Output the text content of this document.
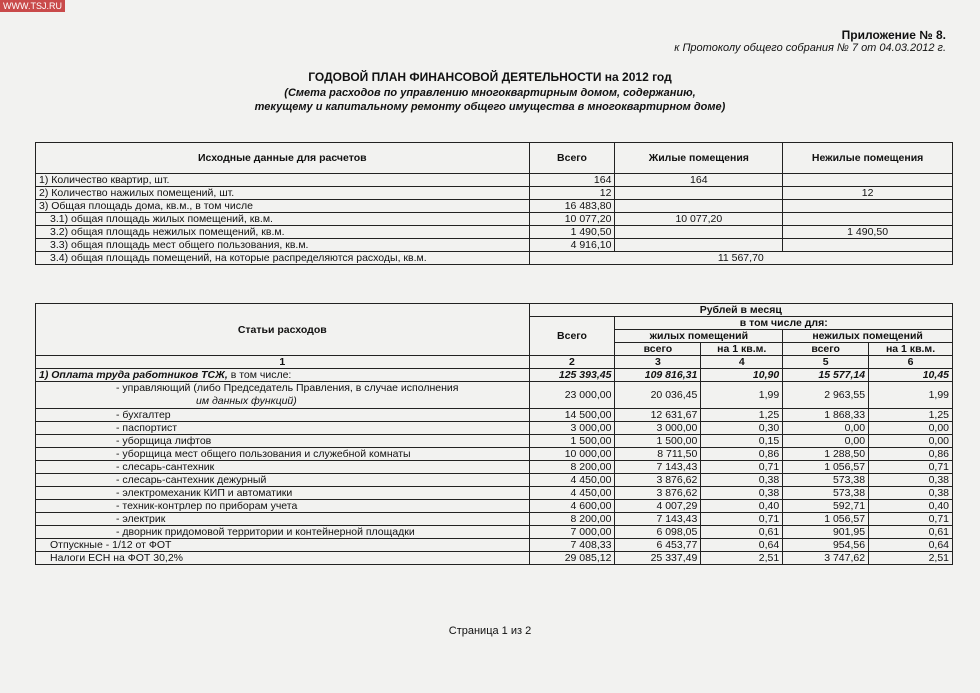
WWW.TSJ.RU
Приложение № 8.
к Протоколу общего собрания № 7 от 04.03.2012 г.
ГОДОВОЙ ПЛАН ФИНАНСОВОЙ ДЕЯТЕЛЬНОСТИ на 2012 год
(Смета расходов по управлению многоквартирным домом, содержанию,
текущему и капитальному ремонту общего имущества в многоквартирном доме)
Исходные данные для расчетов	Всего	Жилые помещения	Нежилые помещения
1) Количество квартир, шт.	164	164	
2) Количество нажилых помещений, шт.	12		12
3) Общая площадь дома, кв.м., в том числе	16 483,80		
3.1) общая площадь жилых помещений, кв.м.	10 077,20	10 077,20	
3.2) общая площадь нежилых помещений, кв.м.	1 490,50		1 490,50
3.3) общая площадь мест общего пользования, кв.м.	4 916,10		
3.4) общая площадь помещений, на которые распределяются расходы, кв.м.	11 567,70		
Статьи расходов	Рублей в месяц				
	Всего	в том числе для:			
		жилых помещений		нежилых помещений	
		всего	на 1 кв.м.	всего	на 1 кв.м.
1	2	3	4	5	6
1) Оплата труда работников ТСЖ, в том числе:	125 393,45	109 816,31	10,90	15 577,14	10,45

- управляющий (либо Председатель Правления, в случае исполнения
им данных функций)	23 000,00	20 036,45	1,99	2 963,55	1,99
- бухгалтер	14 500,00	12 631,67	1,25	1 868,33	1,25
- паспортист	3 000,00	3 000,00	0,30	0,00	0,00
- уборщица лифтов	1 500,00	1 500,00	0,15	0,00	0,00
- уборщица мест общего пользования и служебной комнаты	10 000,00	8 711,50	0,86	1 288,50	0,86
- слесарь-сантехник	8 200,00	7 143,43	0,71	1 056,57	0,71
- слесарь-сантехник дежурный	4 450,00	3 876,62	0,38	573,38	0,38
- электромеханик КИП и автоматики	4 450,00	3 876,62	0,38	573,38	0,38
- техник-контрлер по приборам учета	4 600,00	4 007,29	0,40	592,71	0,40
- электрик	8 200,00	7 143,43	0,71	1 056,57	0,71
- дворник придомовой территории и контейнерной площадки	7 000,00	6 098,05	0,61	901,95	0,61
Отпускные - 1/12 от ФОТ	7 408,33	6 453,77	0,64	954,56	0,64
Налоги ЕСН на ФОТ 30,2%	29 085,12	25 337,49	2,51	3 747,62	2,51
Страница 1 из 2
